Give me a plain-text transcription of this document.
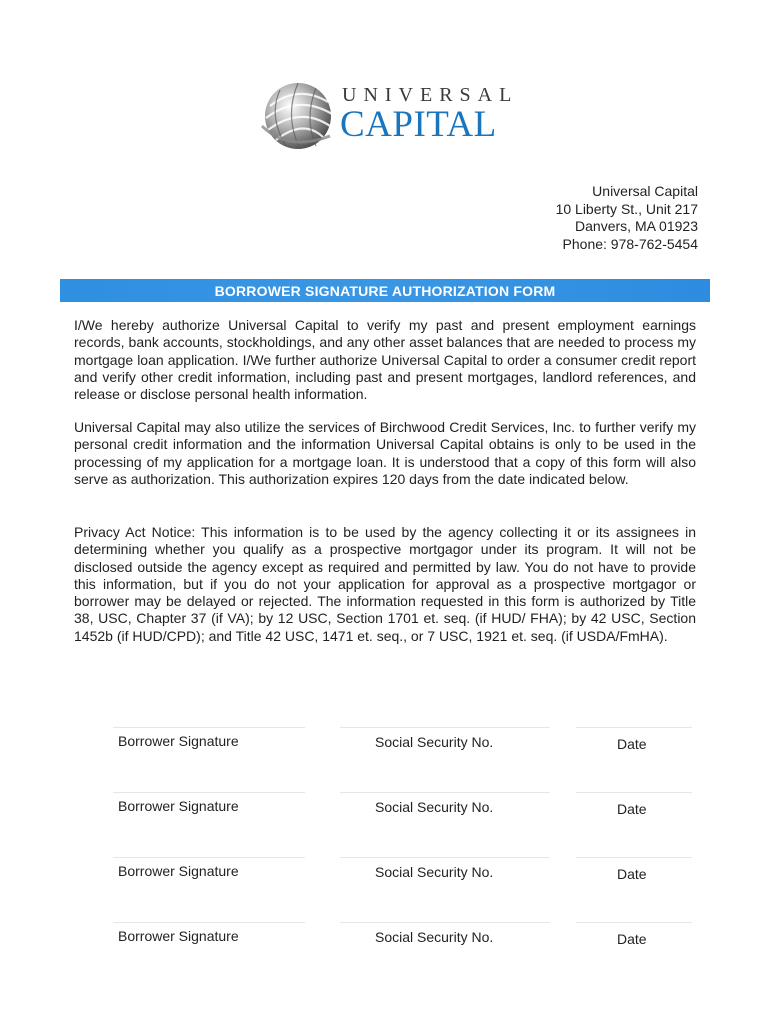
UNIVERSAL
CAPITAL
Universal Capital
10 Liberty St., Unit 217
Danvers, MA 01923
Phone: 978-762-5454
BORROWER SIGNATURE AUTHORIZATION FORM

I/We hereby authorize Universal Capital to verify my past and present employment earnings records, bank accounts, stockholdings, and any other asset balances that are needed to process my mortgage loan application. I/We further authorize Universal Capital to order a consumer credit report and verify other credit information, including past and present mortgages, landlord references, and release or disclose personal health information.

Universal Capital may also utilize the services of Birchwood Credit Services, Inc. to further verify my personal credit information and the information Universal Capital obtains is only to be used in the processing of my application for a mortgage loan. It is understood that a copy of this form will also serve as authorization. This authorization expires 120 days from the date indicated below.

Privacy Act Notice: This information is to be used by the agency collecting it or its assignees in determining whether you qualify as a prospective mortgagor under its program. It will not be disclosed outside the agency except as required and permitted by law. You do not have to provide this information, but if you do not your application for approval as a prospective mortgagor or borrower may be delayed or rejected. The information requested in this form is authorized by Title 38, USC, Chapter 37 (if VA); by 12 USC, Section 1701 et. seq. (if HUD/ FHA); by 42 USC, Section 1452b (if HUD/CPD); and Title 42 USC, 1471 et. seq., or 7 USC, 1921 et. seq. (if USDA/FmHA).

Borrower Signature	Social Security No.	Date
Borrower Signature	Social Security No.	Date
Borrower Signature	Social Security No.	Date
Borrower Signature	Social Security No.	Date
